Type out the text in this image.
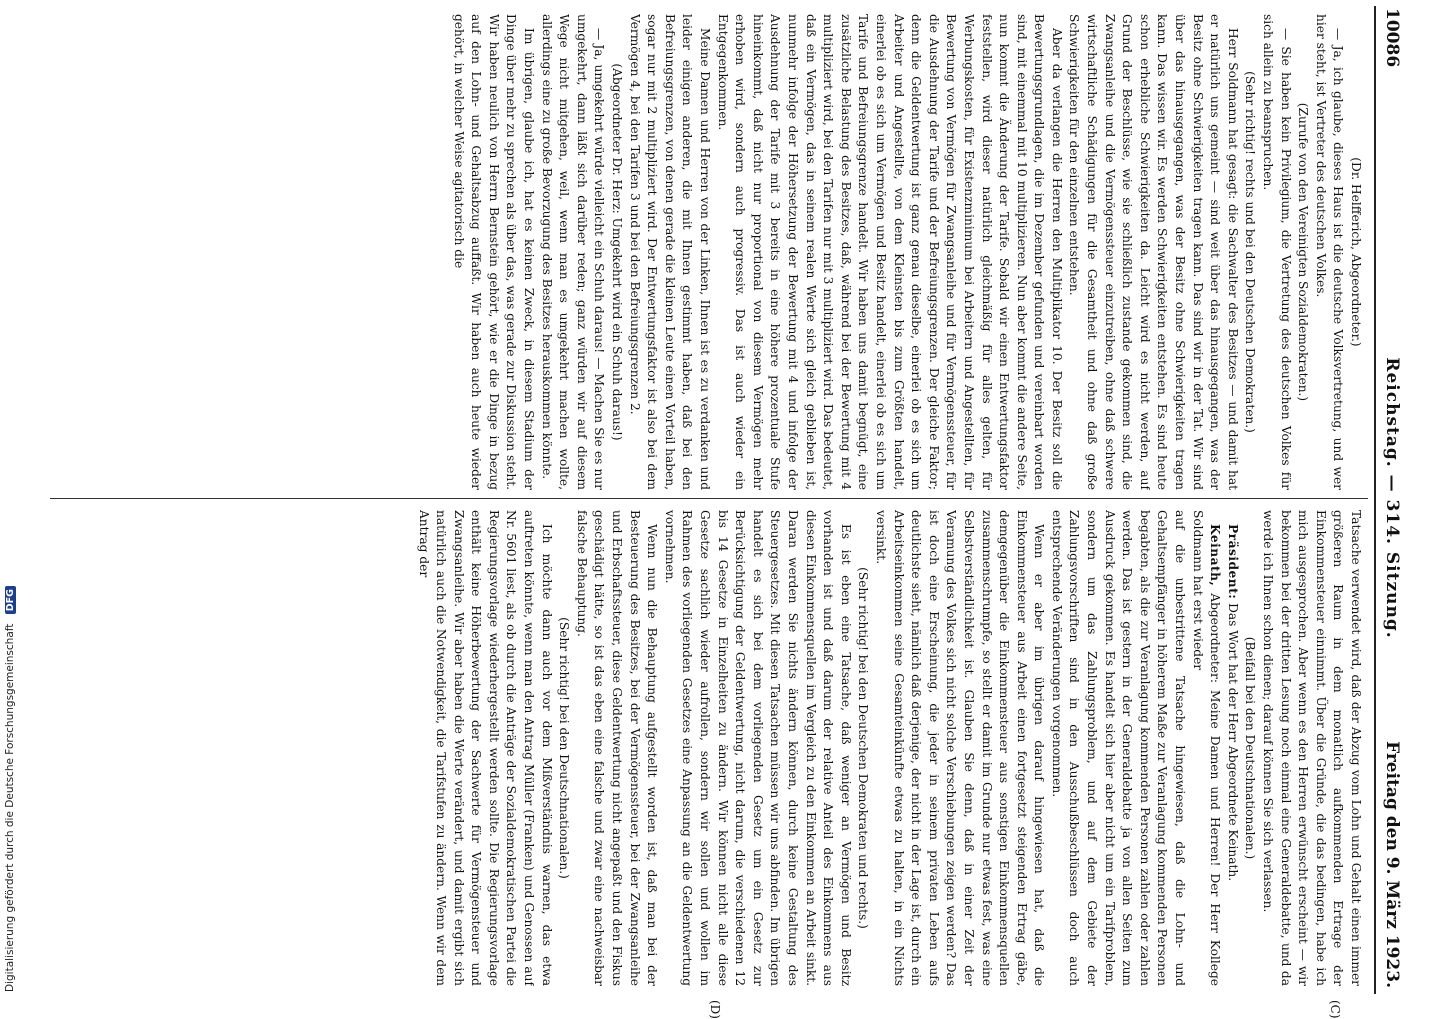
10086
Reichstag. — 314. Sitzung.
Freitag den 9. März 1923.
(C)
(D)

(Dr. Helfferich, Abgeordneter.)

— Ja, ich glaube, dieses Haus ist die deutsche Volksvertretung, und wer hier steht, ist Vertreter des deutschen Volkes.

(Zurufe von den Vereinigten Sozialdemokraten.)

— Sie haben kein Privilegium, die Vertretung des deutschen Volkes für sich allein zu beanspruchen.

(Sehr richtig! rechts und bei den Deutschen Demokraten.)

Herr Soldmann hat gesagt: die Sachwalter des Besitzes — und damit hat er natürlich uns gemeint — sind weit über das hinausgegangen, was der Besitz ohne Schwierigkeiten tragen kann. Das sind wir in der Tat. Wir sind über das hinausgegangen, was der Besitz ohne Schwierigkeiten tragen kann. Das wissen wir. Es werden Schwierigkeiten entstehen. Es sind heute schon erhebliche Schwierigkeiten da. Leicht wird es nicht werden, auf Grund der Beschlüsse, wie sie schließlich zustande gekommen sind, die Zwangsanleihe und die Vermögenssteuer einzutreiben, ohne daß schwere wirtschaftliche Schädigungen für die Gesamtheit und ohne daß große Schwierigkeiten für den einzelnen entstehen.

Aber da verlangen die Herren den Multiplikator 10. Der Besitz soll die Bewertungsgrundlagen, die im Dezember gefunden und vereinbart worden sind, mit einemmal mit 10 multiplizieren. Nun aber kommt die andere Seite, nun kommt die Änderung der Tarife. Sobald wir einen Entwertungsfaktor feststellen, wird dieser natürlich gleichmäßig für alles gelten, für Werbungskosten, für Existenzminimum bei Arbeitern und Angestellten, für Bewertung von Vermögen für Zwangsanleihe und für Vermögenssteuer, für die Ausdehnung der Tarife und der Befreiungsgrenzen. Der gleiche Faktor; denn die Geldentwertung ist ganz genau dieselbe, einerlei ob es sich um Arbeiter und Angestellte, von dem Kleinsten bis zum Größten handelt, einerlei ob es sich um Vermögen und Besitz handelt, einerlei ob es sich um Tarife und Befreiungsgrenze handelt. Wir haben uns damit begnügt, eine zusätzliche Belastung des Besitzes, daß, während bei der Bewertung mit 4 multipliziert wird, bei den Tarifen nur mit 3 multipliziert wird. Das bedeutet, daß ein Vermögen, das in seinem realen Werte sich gleich geblieben ist, nunmehr infolge der Höhersetzung der Bewertung mit 4 und infolge der Ausdehnung der Tarife mit 3 bereits in eine höhere prozentuale Stufe hineinkommt, daß nicht nur proportional von diesem Vermögen mehr erhoben wird, sondern auch progressiv. Das ist auch wieder ein Entgegenkommen.

Meine Damen und Herren von der Linken, Ihnen ist es zu verdanken und leider einigen anderen, die mit Ihnen gestimmt haben, daß bei den Befreiungsgrenzen, von denen gerade die kleinen Leute einen Vorteil haben, sogar nur mit 2 multipliziert wird. Der Entwertungsfaktor ist also bei dem Vermögen 4, bei den Tarifen 3 und bei den Befreiungsgrenzen 2.

(Abgeordneter Dr. Herz: Umgekehrt wird ein Schuh daraus!)

— Ja, umgekehrt würde vielleicht ein Schuh daraus! — Machen Sie es nur umgekehrt, dann läßt sich darüber reden; ganz würden wir auf diesem Wege nicht mitgehen, weil, wenn man es umgekehrt machen wollte, allerdings eine zu große Bevorzugung des Besitzes herauskommen könnte.

Im übrigen, glaube ich, hat es keinen Zweck, in diesem Stadium der Dinge über mehr zu sprechen als über das, was gerade zur Diskussion steht. Wir haben neulich von Herrn Bernstein gehört, wie er die Dinge in bezug auf den Lohn- und Gehaltsabzug auffaßt. Wir haben auch heute wieder gehört, in welcher Weise agitatorisch die

Tatsache verwendet wird, daß der Abzug vom Lohn und Gehalt einen immer größeren Raum in dem monatlich aufkommenden Ertrage der Einkommensteuer einnimmt. Über die Gründe, die das bedingen, habe ich mich ausgesprochen. Aber wenn es den Herren erwünscht erscheint — wir bekommen bei der dritten Lesung noch einmal eine Generaldebatte, und da werde ich Ihnen schon dienen; darauf können Sie sich verlassen.

(Beifall bei den Deutschnationalen.)

Präsident: Das Wort hat der Herr Abgeordnete Keinath.

Keinath, Abgeordneter: Meine Damen und Herren! Der Herr Kollege Soldmann hat erst wieder

auf die unbestrittene Tatsache hingewiesen, daß die Lohn- und Gehaltsempfänger in höherem Maße zur Veranlagung kommenden Personen begabten, als die zur Veranlagung kommenden Personen zahlen oder zahlen werden. Das ist gestern in der Generaldebatte ja von allen Seiten zum Ausdruck gekommen. Es handelt sich hier aber nicht um ein Tarifproblem, sondern um das Zahlungsproblem, und auf dem Gebiete der Zahlungsvorschriften sind in den Ausschußbeschlüssen doch auch entsprechende Veränderungen vorgenommen.

Wenn er aber im übrigen darauf hingewiesen hat, daß die Einkommensteuer aus Arbeit einen fortgesetzt steigenden Ertrag gäbe, demgegenüber die Einkommensteuer aus sonstigen Einkommensquellen zusammenschrumpfe, so stellt er damit im Grunde nur etwas fest, was eine Selbstverständlichkeit ist. Glauben Sie denn, daß in einer Zeit der Veramung des Volkes sich nicht solche Verschiebungen zeigen werden? Das ist doch eine Erscheinung, die jeder in seinem privaten Leben aufs deutlichste sieht, nämlich daß derjenige, der nicht in der Lage ist, durch ein Arbeitseinkommen seine Gesamteinkünfte etwas zu halten, in ein Nichts versinkt.

(Sehr richtig! bei den Deutschen Demokraten und rechts.)

Es ist eben eine Tatsache, daß weniger an Vermögen und Besitz vorhanden ist und daß darum der relative Anteil des Einkommens aus diesen Einkommensquellen im Vergleich zu den Einkommen an Arbeit sinkt. Daran werden Sie nichts ändern können, durch keine Gestaltung des Steuergesetzes. Mit diesen Tatsachen müssen wir uns abfinden. Im übrigen handelt es sich bei dem vorliegenden Gesetz um ein Gesetz zur Berücksichtigung der Geldentwertung, nicht darum, die verschiedenen 12 bis 14 Gesetze in Einzelheiten zu ändern. Wir können nicht alle diese Gesetze sachlich wieder aufrollen, sondern wir sollen und wollen im Rahmen des vorliegenden Gesetzes eine Anpassung an die Geldentwertung vornehmen.

Wenn nun die Behauptung aufgestellt worden ist, daß man bei der Besteuerung des Besitzes, bei der Vermögenssteuer, bei der Zwangsanleihe und Erbschaftssteuer, diese Geldentwertung nicht angepaßt und den Fiskus geschädigt hätte, so ist das eben eine falsche und zwar eine nachweisbar falsche Behauptung.

(Sehr richtig! bei den Deutschnationalen.)

Ich möchte dann auch vor dem Mißverständnis warnen, das etwa auftreten könnte, wenn man den Antrag Müller (Franken) und Genossen auf Nr. 5601 liest, als ob durch die Anträge der Sozialdemokratischen Partei die Regierungsvorlage wiederhergestellt werden sollte. Die Regierungsvorlage enthält keine Höherbewertung der Sachwerte für Vermögensteuer und Zwangsanleihe. Wir aber haben die Werte verändert, und damit ergibt sich natürlich auch die Notwendigkeit, die Tarifstufen zu ändern. Wenn wir dem Antrag der

Digitalisierung gefördert durch die Deutsche Forschungsgemeinschaft DFG
